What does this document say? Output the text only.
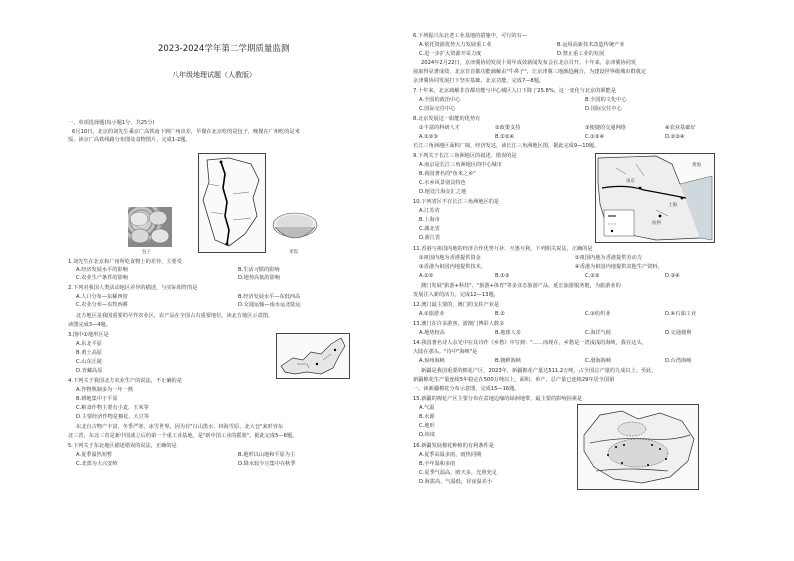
2023-2024学年第二学期质量监测
八年级地理试题（人教版）
一、单项选择题(每小题1分，共25分)
6月10日，北京的刘先生乘京广高铁南下到广州出差，早餐在北京吃的是包子，晚餐在广州吃的是米
饭。读京广高铁线路分布图及食物图片，完成1-2题。
包子	米饭
1.刘先生在北京和广州所吃食物上的差异，主要受
A.经济发展水平的影响	B.生活习惯的影响
C.农业生产条件的影响	D.地势高低的影响
2.下列对我国人类活动地区差异的描述，与实际相符的是
A.人口分布—东稀西密	B.经济发展水平—东低西高
C.农业分布—东牧西耕	D.交通运输—南水运北陆运
北方地区是我国重要的早作农业区，农产品在全国占有重要地位。读北方地区示意图，
读图完成3—4题。
3.图中①地形区是
A.东北平原
B.黄土高原
C.山东丘陵
D.青藏高原
4.下列关于我国北方农业生产的说法，不正确的是
A.作物熟制多为一年一熟
B.耕地集中于平原
C.粮食作物主要有小麦、玉米等
D.主要经济作物是棉花、大豆等
东北自古物产丰富，冬季严寒，冰雪世界。因为有"白山黑水、林海雪原、北大仓"来形容东
北三省，东北三省是新中国成立后的第一个重工业基地，是"新中国工业的摇篮"。据此完成5—6题。
5.下列关于东北地区描述错误的说法，正确的是
A.夏季温热短暂	B.地形以山地和平原为主
C.北部为大兴安岭	D.降水较少且集中在秋季
6.下列振兴东北老工业基地的措施中，可行的有—
A.依托资源优势大力发展重工业	B.运用高新技术改造传统产业
C.进一步扩大资源开采力度	D.禁止重工业的发展
2024年2月22日，京津冀协同发展十周年成效新闻发布会在北京召开。十年来，京津冀协同发
展取得显著成效，北京非首都功能疏解由"牛鼻子"，让京津冀三地渐趋融合，为建设世界级城市群奠定
京津冀协同发展打下坚实基础，北京功能。完成7—8题。
7.十年来，北京疏解非首都功能与中心城区人口下降了25.8%，这一变化与北京的职能是
A.全国的政治中心	B.全国的文化中心
C.国际交往中心	D.国际交往中心
8.北京发展这一职能的优势有
①丰富的科研人才	②政策支持	③便捷的交通网络	④农业基础好
A.①②③	B.①②④	C.①③④	D.②③④
长江三角洲地区面积广阔，经济发达，读长江三角洲地区图，据此完成9—10题。
9.下列关于长江三角洲地区的叙述，错误的是
A.南京是长江三角洲地区的中心城市
B.我国著名的"鱼米之乡"
C.水乡风景别具特色
D.地处江海交汇之地
南京
上海
杭州
黄海
10.下列省区不在长江三角洲地区的是
A.江苏省
B.上海市
C.湖北省
D.浙江省
11.香港与祖国内地的经济合作优势互补，互惠互利，下列相关说法，正确的是
①祖国内地为香港提供资金	②祖国内地为香港提供劳动力
③香港为祖国内地提供技术。	④香港为祖国内地提供其他生产资料。
A.①②	B.①③	C.②③	D.③④
澳门发展"旅游+科技"、"旅游+体育"等多业态旅游产品，延长旅游服务链，为旅游业的
发展注入新的活力，完成12—13题。
12.澳门最主要的，澳门的支柱产业是
A.②旅游业	B.②	C.③纺织业	D.④石油工业
13.澳门在许多游客，游澳门博彩人数多
A.地势较高	B.地球人多	C.海洋气候	D.交通便利
14.我国著名诗人余光中在其诗作《乡愁》中写到："……而现在，乡愁是一湾浅浅的海峡，我在这头，
大陆在那头。"诗中"海峡"是
A.琼州海峡	B.朝鲜海峡	C.渤海海峡	D.台湾海峡
新疆是我国重要的棉花产区，2023年，新疆棉花产量达511.2万吨，占全国总产量的九成以上。至此，
新疆棉花生产量连续5年稳定在500万吨以上，面积、单产、总产量已连续29年居全国第
一。读新疆棉花分布示意图，完成15—16题。
15.新疆的棉花产区主要分布在盆地边缘的绿洲地带，最主要的影响因素是
A.气温
B.水源
C.地形
D.纬度
16.新疆发展棉花种植的有利条件是
A.夏季高温多雨，雨热同期
B.全年温和多雨
C.夏季气温高，晴天多，光照充足
D.海拔高，气温低，昼夜温差小
